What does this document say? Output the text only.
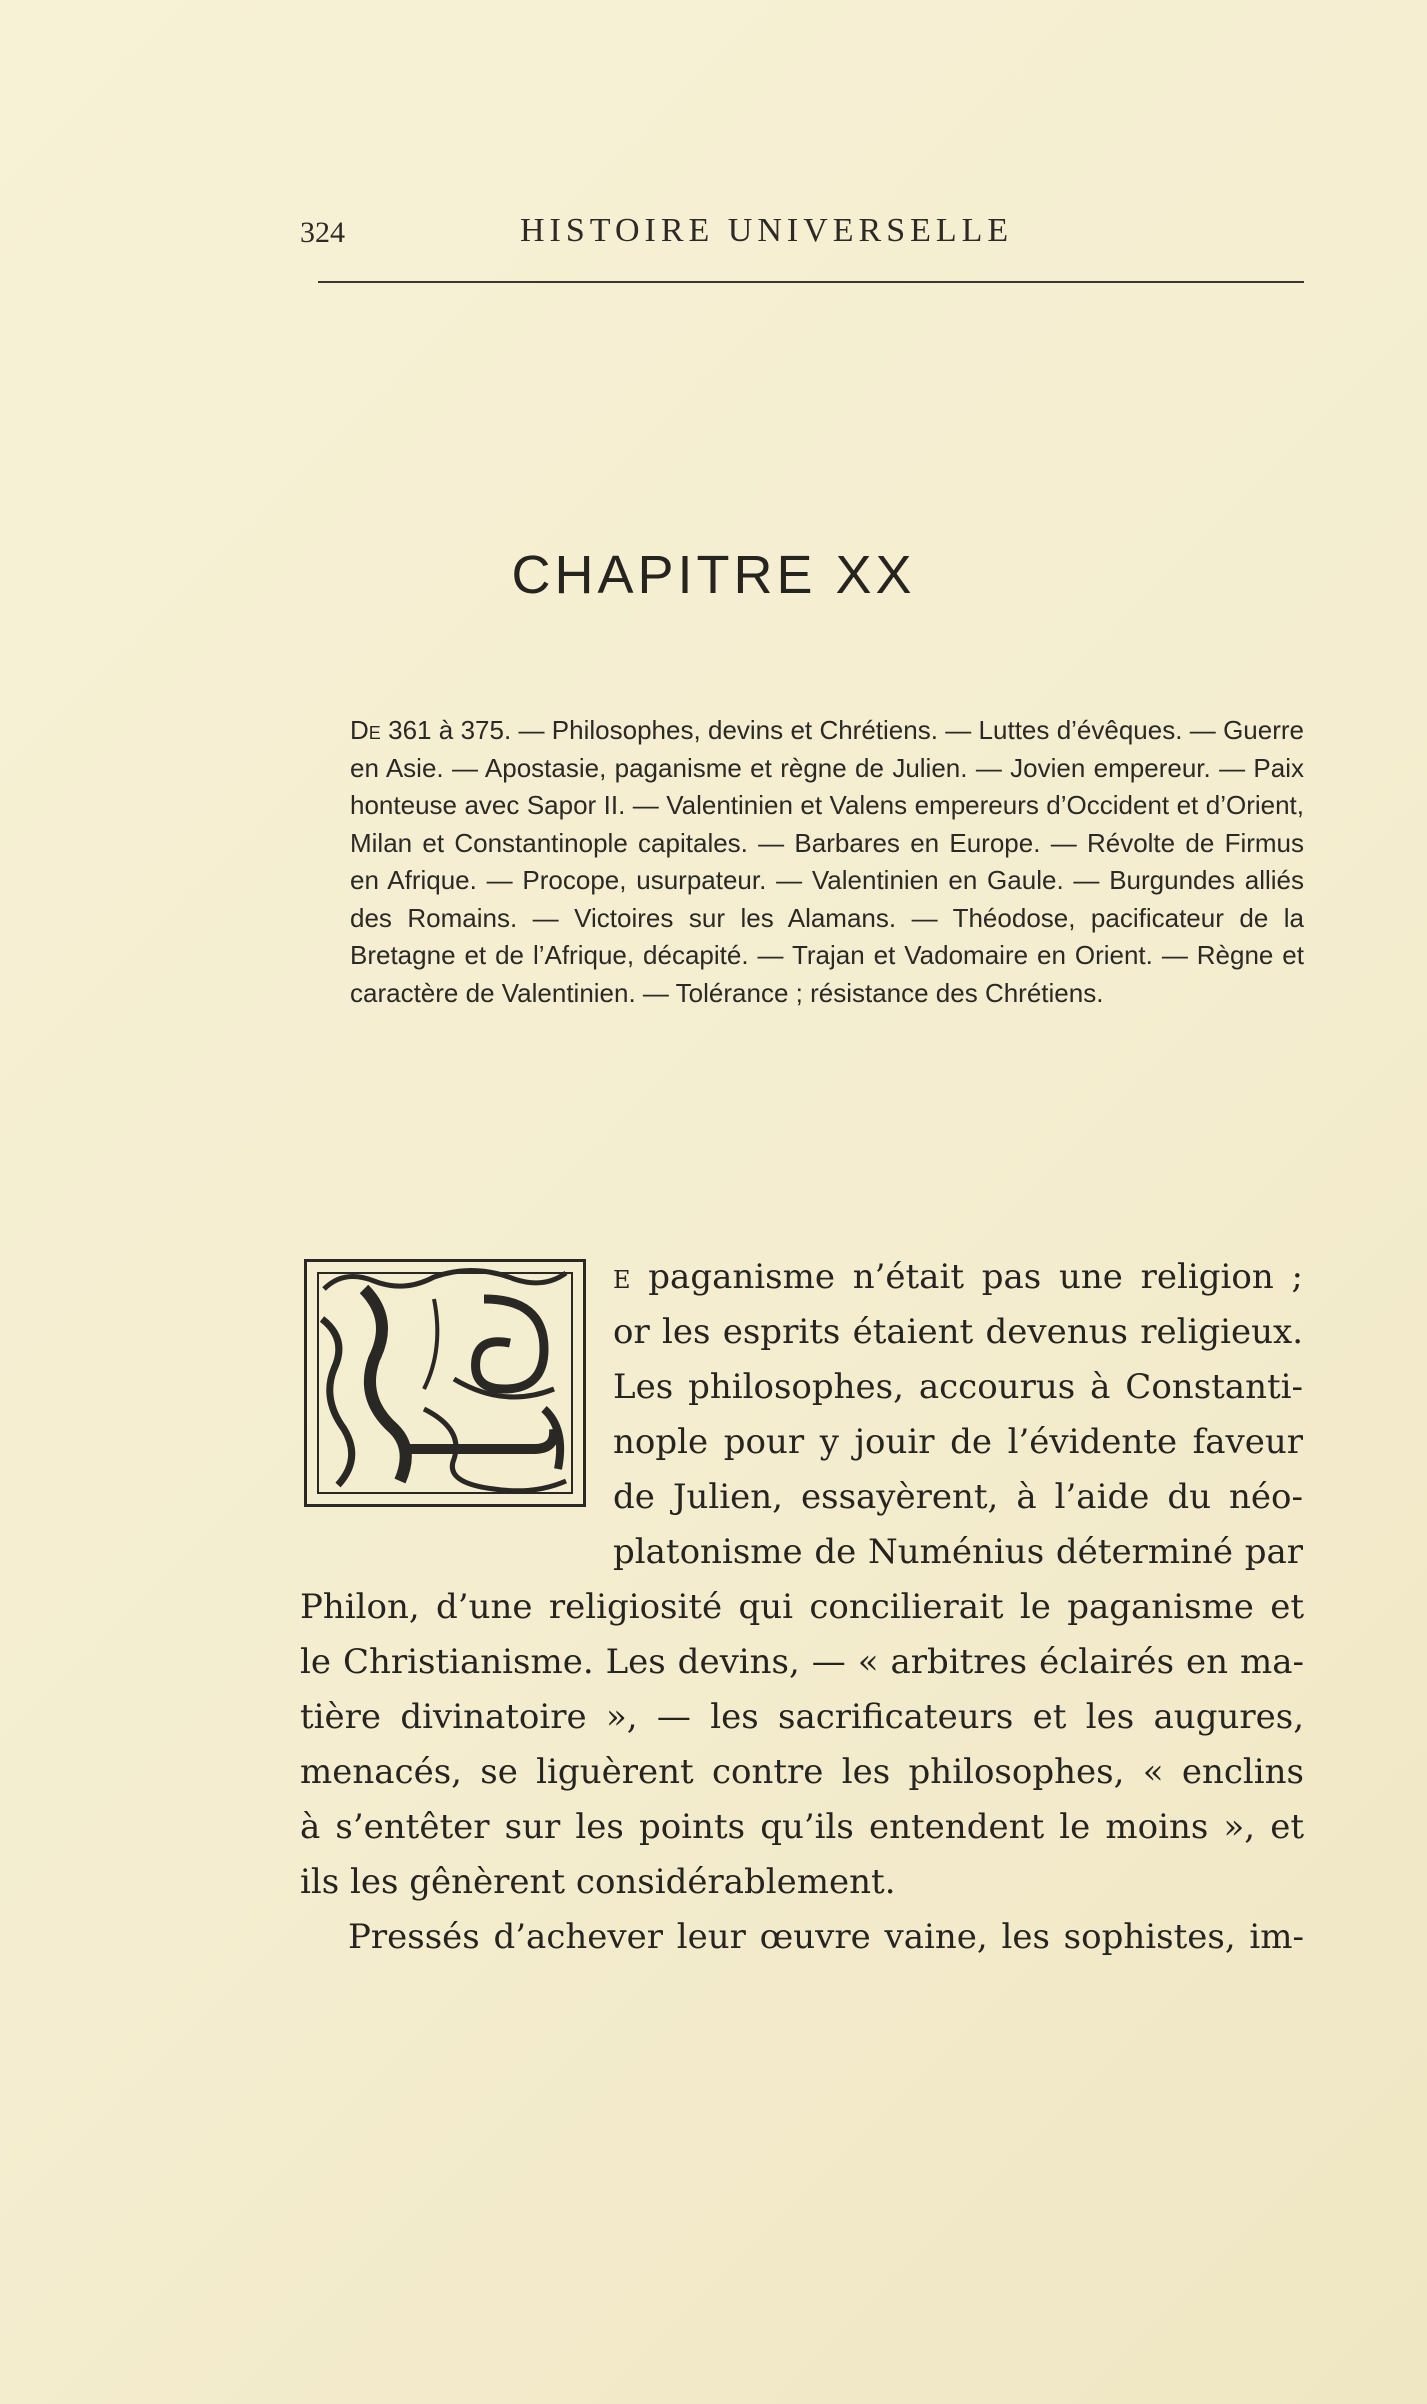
324	HISTOIRE UNIVERSELLE
CHAPITRE XX
De 361 à 375. — Philosophes, devins et Chrétiens. — Luttes d’évêques. — Guerre en Asie. — Apostasie, paganisme et règne de Julien. — Jovien empereur. — Paix honteuse avec Sapor II. — Valentinien et Valens empereurs d’Occident et d’Orient, Milan et Constantinople capitales. — Barbares en Europe. — Révolte de Firmus en Afrique. — Procope, usurpateur. — Valentinien en Gaule. — Burgundes alliés des Romains. — Victoires sur les Alamans. — Théodose, pacificateur de la Bretagne et de l’Afrique, décapité. — Trajan et Vadomaire en Orient. — Règne et caractère de Valentinien. — Tolérance ; résistance des Chrétiens.
e paganisme n’était pas une religion ;
or les esprits étaient devenus religieux.
Les philosophes, accourus à Constanti-
nople pour y jouir de l’évidente faveur
de Julien, essayèrent, à l’aide du néo-
platonisme de Numénius déterminé par
Philon, d’une religiosité qui concilierait le paganisme et
le Christianisme. Les devins, — « arbitres éclairés en ma-
tière divinatoire », — les sacrificateurs et les augures,
menacés, se liguèrent contre les philosophes, « enclins
à s’entêter sur les points qu’ils entendent le moins », et
ils les gênèrent considérablement.
Pressés d’achever leur œuvre vaine, les sophistes, im-
